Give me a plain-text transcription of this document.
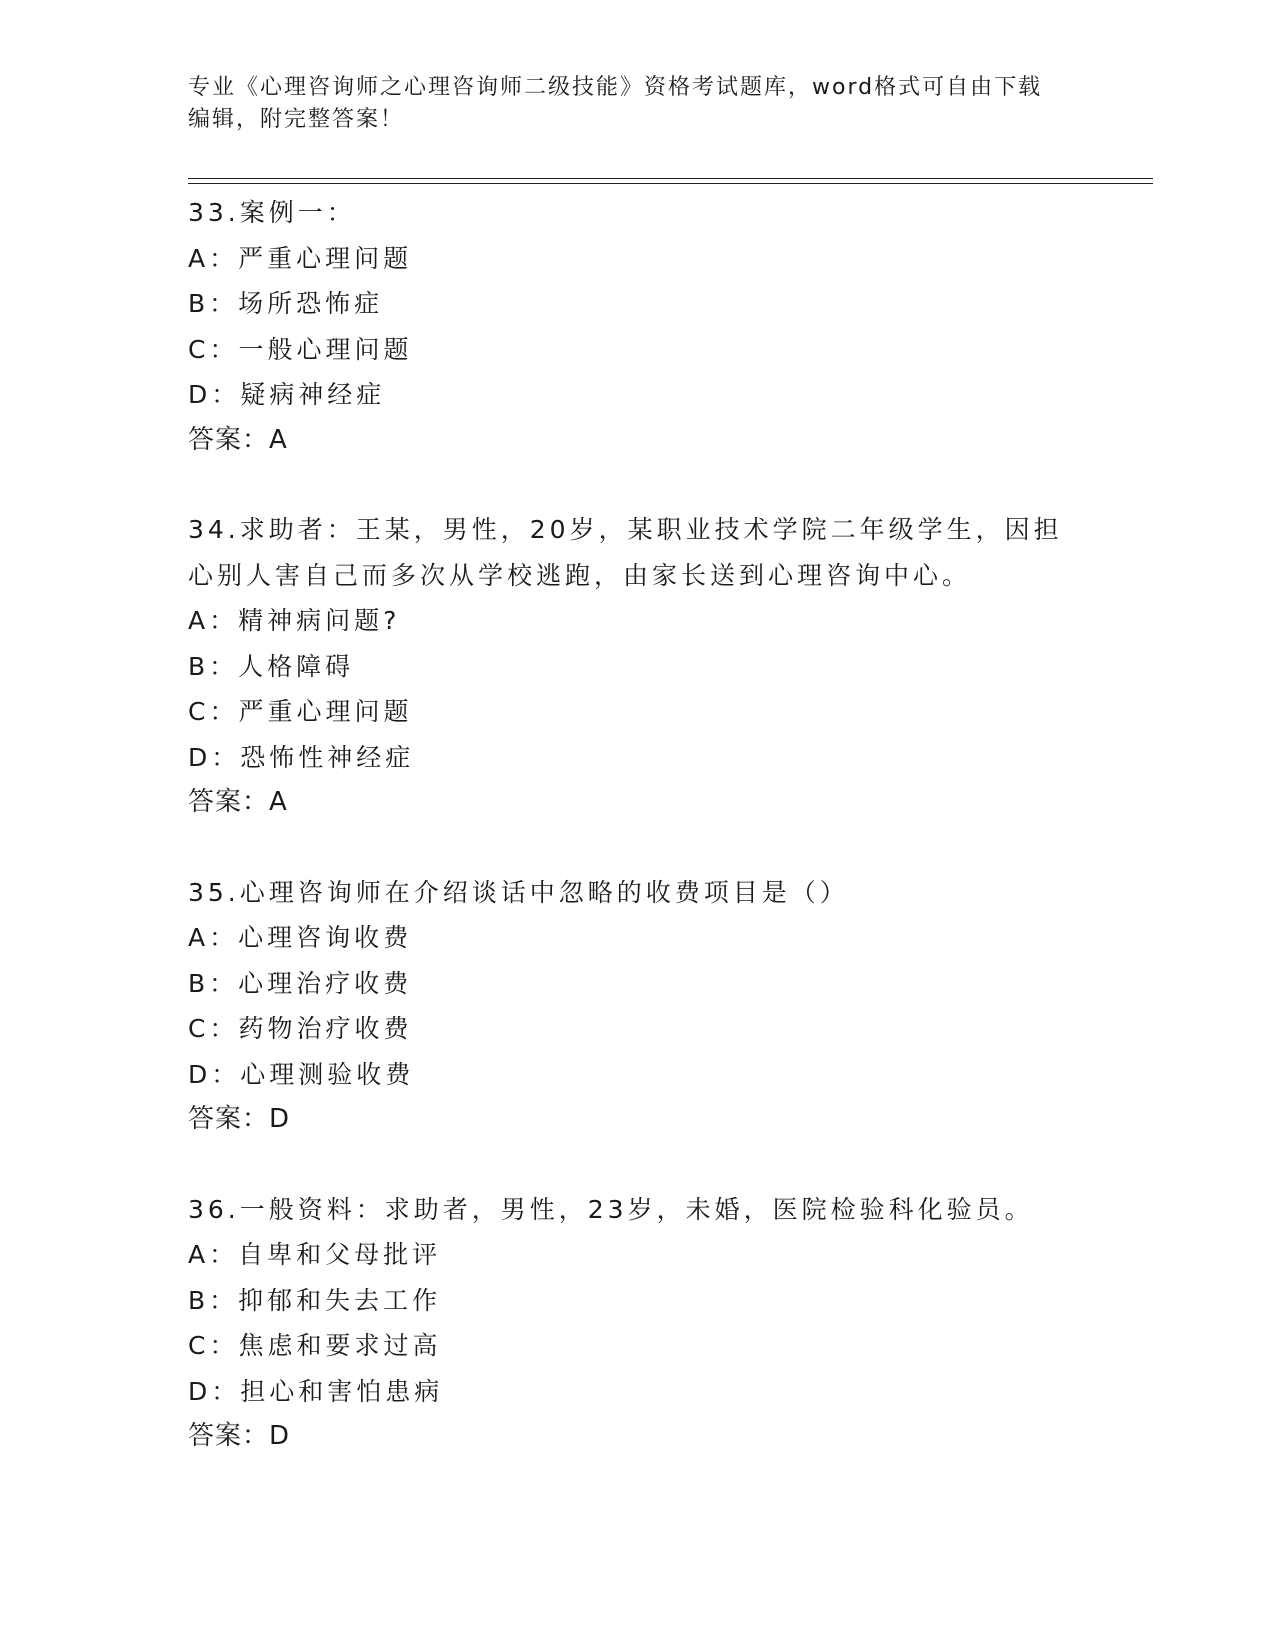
专业《心理咨询师之心理咨询师二级技能》资格考试题库，word格式可自由下载
编辑，附完整答案！
33.案例一：
A：严重心理问题
B：场所恐怖症
C：一般心理问题
D：疑病神经症
答案：A
34.求助者：王某，男性，20岁，某职业技术学院二年级学生，因担心别人害自己而多次从学校逃跑，由家长送到心理咨询中心。
A：精神病问题?
B：人格障碍
C：严重心理问题
D：恐怖性神经症
答案：A
35.心理咨询师在介绍谈话中忽略的收费项目是（）
A：心理咨询收费
B：心理治疗收费
C：药物治疗收费
D：心理测验收费
答案：D
36.一般资料：求助者，男性，23岁，未婚，医院检验科化验员。
A：自卑和父母批评
B：抑郁和失去工作
C：焦虑和要求过高
D：担心和害怕患病
答案：D
